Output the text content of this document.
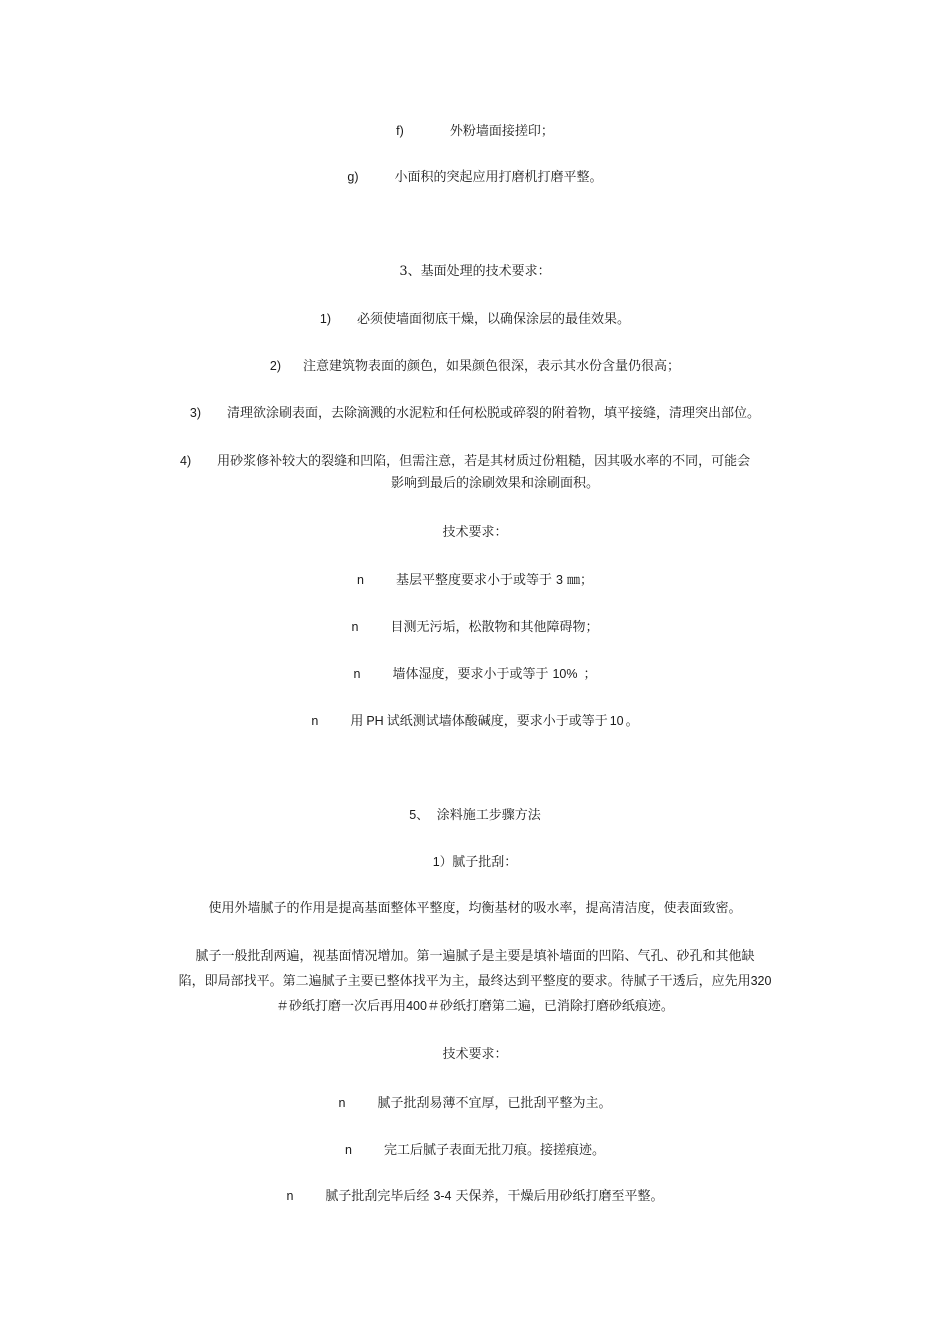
f)	外粉墙面接搓印；
g)	小面积的突起应用打磨机打磨平整。
3、基面处理的技术要求：
1) 必须使墙面彻底干燥，以确保涂层的最佳效果。
2) 注意建筑物表面的颜色，如果颜色很深，表示其水份含量仍很高；
3) 清理欲涂刷表面，去除滴溅的水泥粒和任何松脱或碎裂的附着物，填平接缝，清理突出部位。
4) 用砂浆修补较大的裂缝和凹陷，但需注意，若是其材质过份粗糙，因其吸水率的不同，可能会
影响到最后的涂刷效果和涂刷面积。
技术要求：
n 基层平整度要求小于或等于 3 ㎜；
n 目测无污垢，松散物和其他障碍物；
n 墙体湿度，要求小于或等于 10% ；
n 用 PH 试纸测试墙体酸碱度，要求小于或等于 10 。
5、 涂料施工步骤方法
1）腻子批刮：
使用外墙腻子的作用是提高基面整体平整度，均衡基材的吸水率，提高清洁度，使表面致密。
腻子一般批刮两遍，视基面情况增加。第一遍腻子是主要是填补墙面的凹陷、气孔、砂孔和其他缺
陷，即局部找平。第二遍腻子主要已整体找平为主，最终达到平整度的要求。待腻子干透后，应先用320
＃砂纸打磨一次后再用400＃砂纸打磨第二遍，已消除打磨砂纸痕迹。
技术要求：
n 腻子批刮易薄不宜厚，已批刮平整为主。
n 完工后腻子表面无批刀痕。接搓痕迹。
n 腻子批刮完毕后经 3-4 天保养，干燥后用砂纸打磨至平整。
